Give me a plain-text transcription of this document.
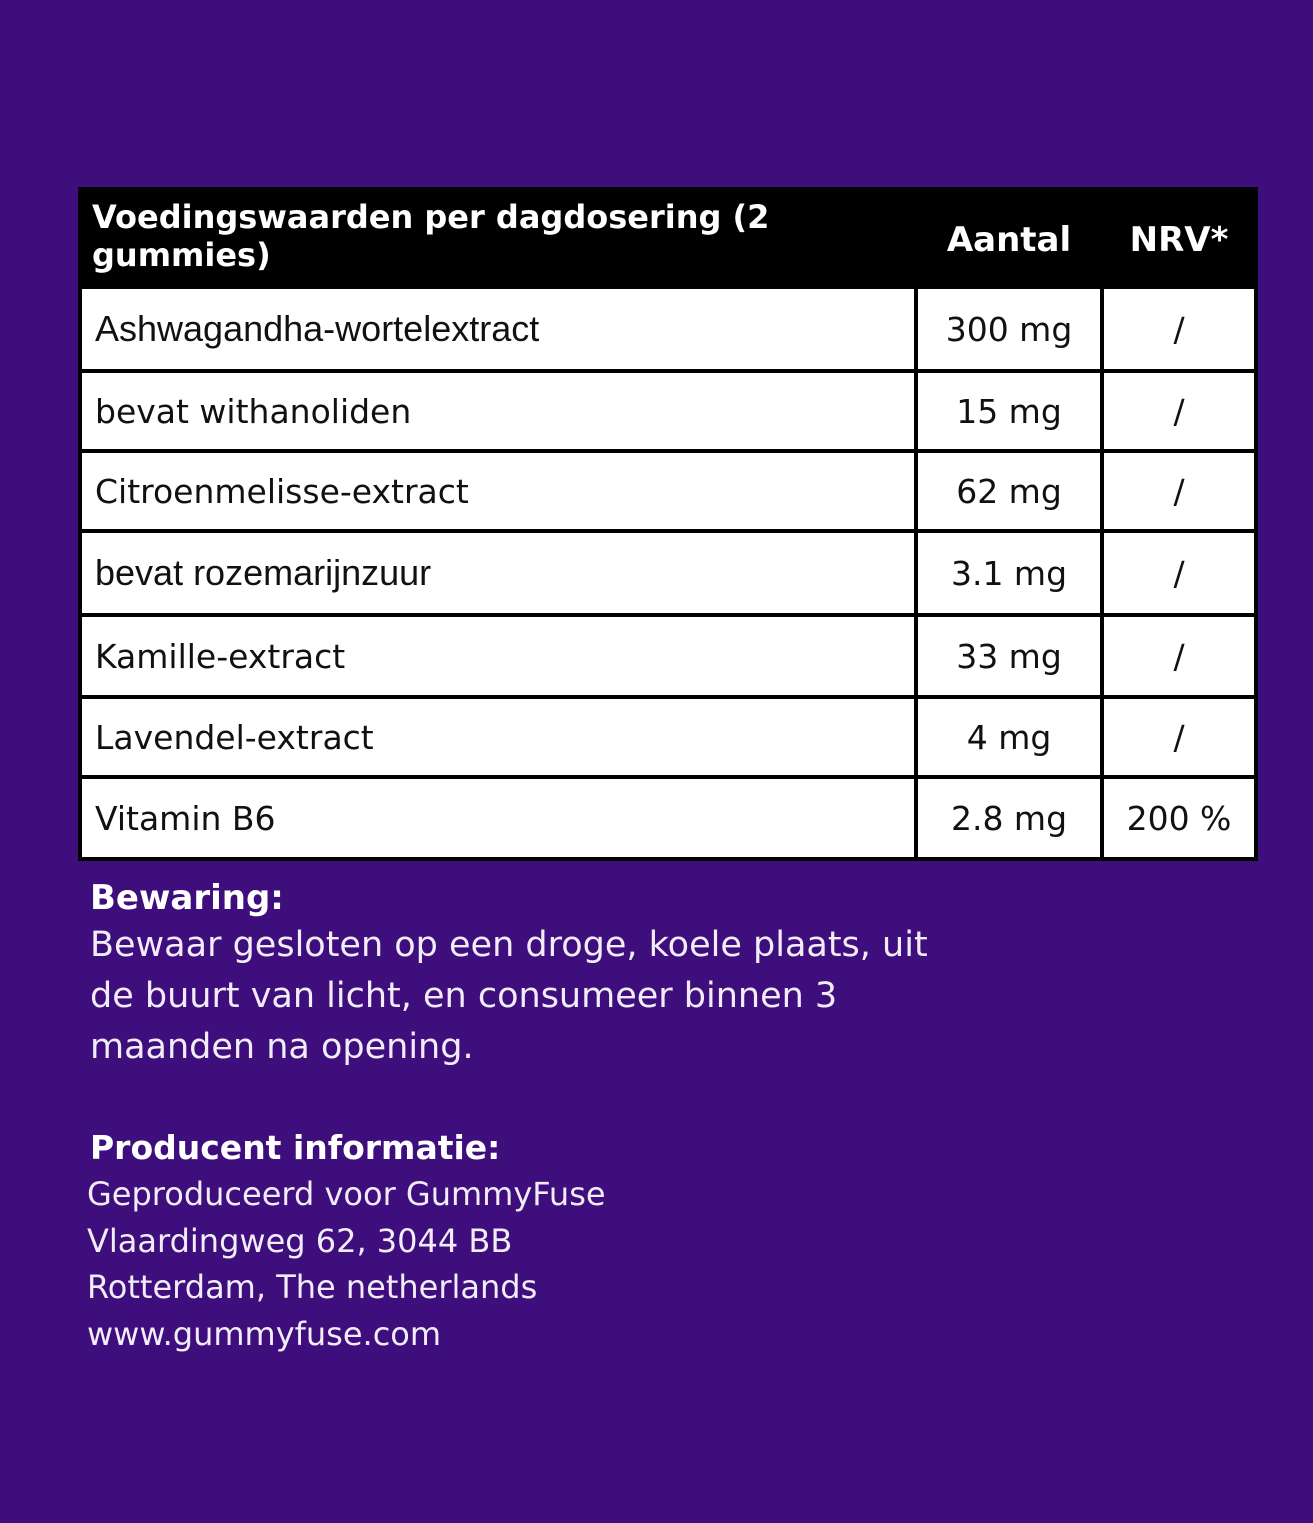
Voedingswaarden per dagdosering (2 gummies)	Aantal	NRV*
Ashwagandha-wortelextract	300 mg	/
bevat withanoliden	15 mg	/
Citroenmelisse-extract	62 mg	/
bevat rozemarijnzuur	3.1 mg	/
Kamille-extract	33 mg	/
Lavendel-extract	4 mg	/
Vitamin B6	2.8 mg	200 %

Bewaring:

Bewaar gesloten op een droge, koele plaats, uit
de buurt van licht, en consumeer binnen 3
maanden na opening.

Producent informatie:

Geproduceerd voor GummyFuse
Vlaardingweg 62, 3044 BB
Rotterdam, The netherlands
www.gummyfuse.com
